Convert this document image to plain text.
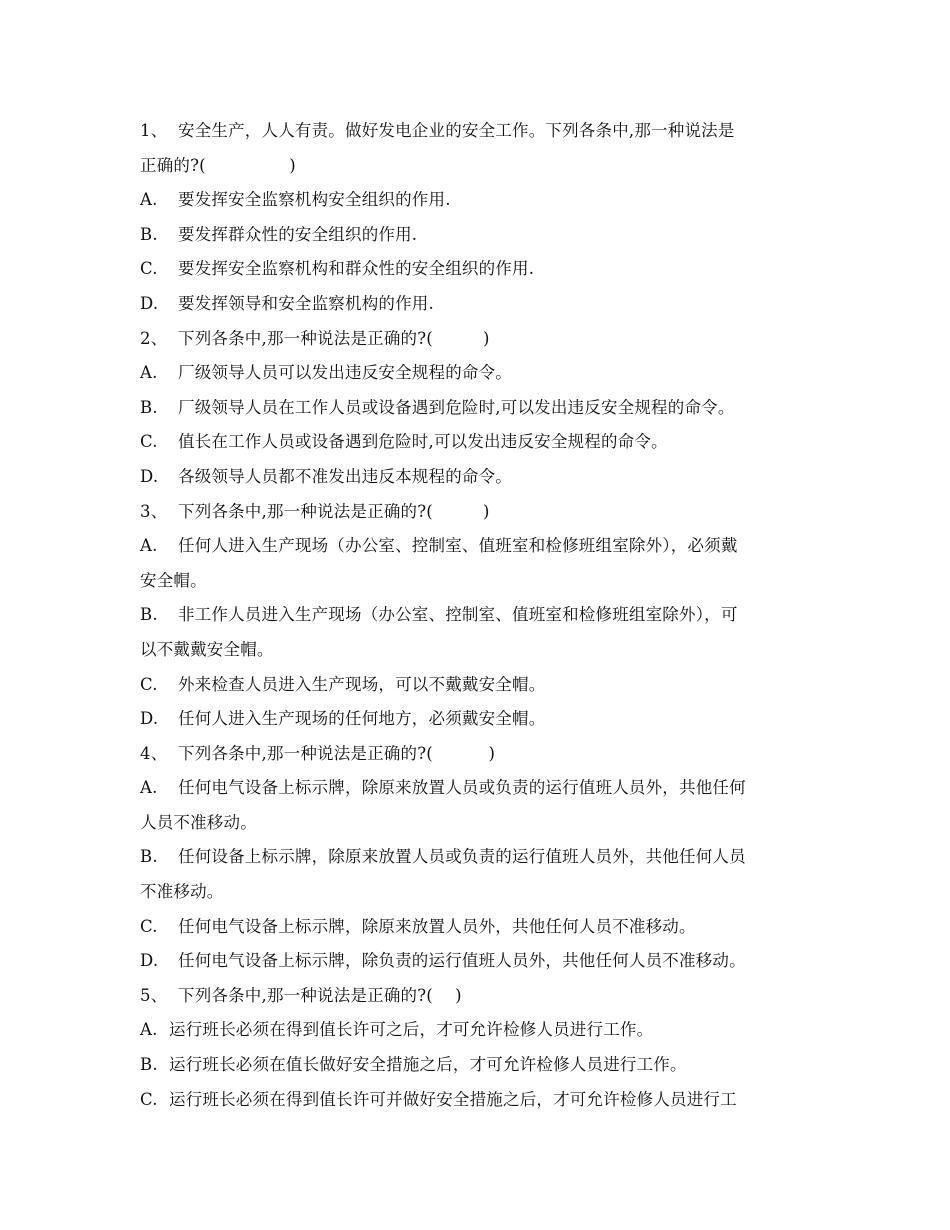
1、 安全生产，人人有责。做好发电企业的安全工作。下列各条中,那一种说法是
正确的?(　　　　　)
A. 要发挥安全监察机构安全组织的作用.
B. 要发挥群众性的安全组织的作用.
C. 要发挥安全监察机构和群众性的安全组织的作用.
D. 要发挥领导和安全监察机构的作用.
2、 下列各条中,那一种说法是正确的?(　　　)
A. 厂级领导人员可以发出违反安全规程的命令。
B. 厂级领导人员在工作人员或设备遇到危险时,可以发出违反安全规程的命令。
C. 值长在工作人员或设备遇到危险时,可以发出违反安全规程的命令。
D. 各级领导人员都不准发出违反本规程的命令。
3、 下列各条中,那一种说法是正确的?(　　　)
A. 任何人进入生产现场（办公室、控制室、值班室和检修班组室除外），必须戴
安全帽。
B. 非工作人员进入生产现场（办公室、控制室、值班室和检修班组室除外），可
以不戴戴安全帽。
C. 外来检查人员进入生产现场，可以不戴戴安全帽。
D. 任何人进入生产现场的任何地方，必须戴安全帽。
4、 下列各条中,那一种说法是正确的?(　　　 )
A. 任何电气设备上标示牌，除原来放置人员或负责的运行值班人员外，共他任何
人员不准移动。
B. 任何设备上标示牌，除原来放置人员或负责的运行值班人员外，共他任何人员
不准移动。
C. 任何电气设备上标示牌，除原来放置人员外，共他任何人员不准移动。
D. 任何电气设备上标示牌，除负责的运行值班人员外，共他任何人员不准移动。
5、 下列各条中,那一种说法是正确的?(　 )
A. 运行班长必须在得到值长许可之后，才可允许检修人员进行工作。
B. 运行班长必须在值长做好安全措施之后，才可允许检修人员进行工作。
C. 运行班长必须在得到值长许可并做好安全措施之后，才可允许检修人员进行工
